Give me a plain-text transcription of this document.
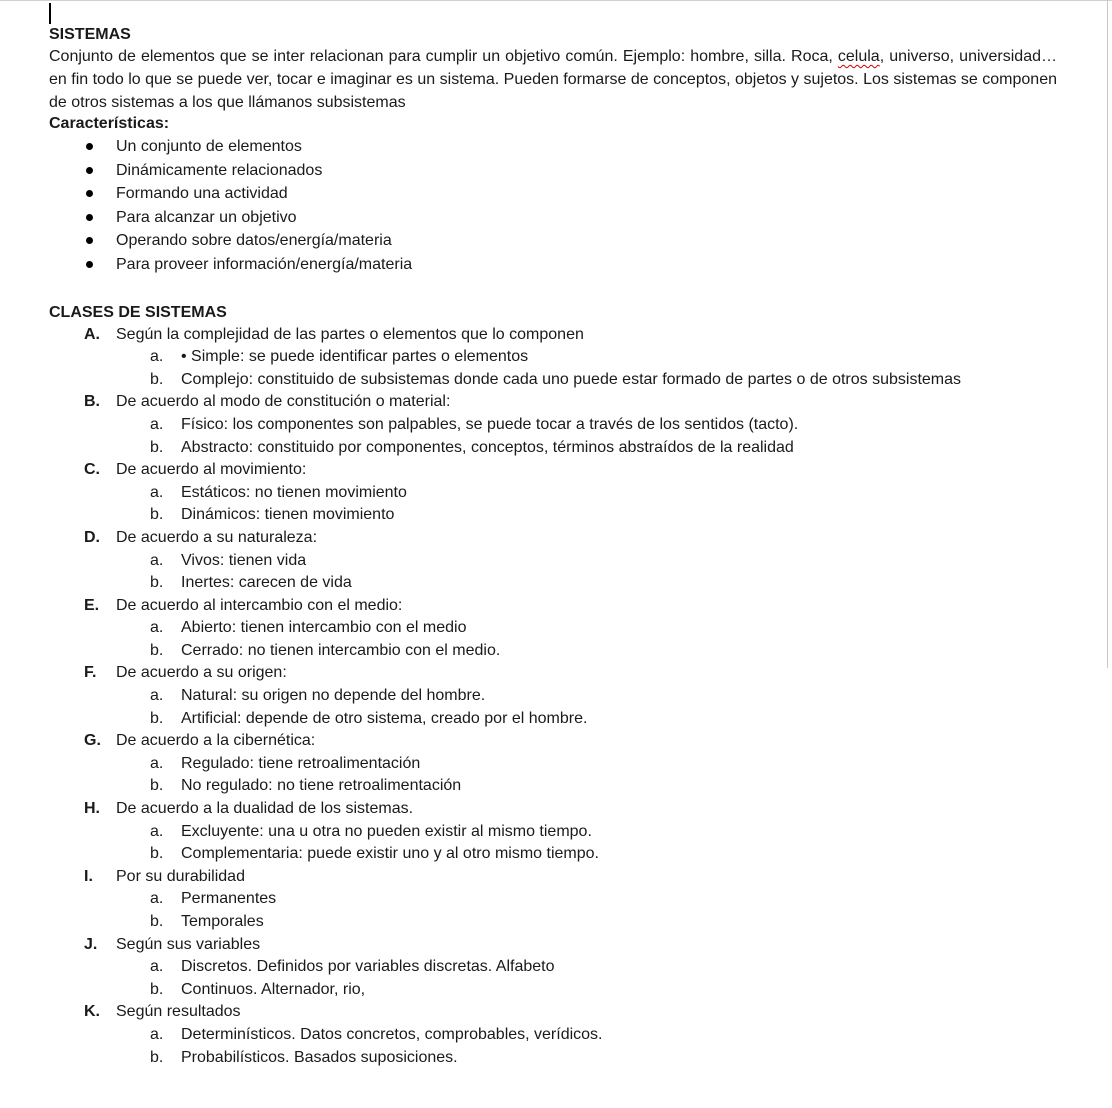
SISTEMAS

Conjunto de elementos que se inter relacionan para cumplir un objetivo común. Ejemplo: hombre, silla. Roca, celula, universo, universidad… en fin todo lo que se puede ver, tocar e imaginar es un sistema. Pueden formarse de conceptos, objetos y sujetos. Los sistemas se componen de otros sistemas a los que llámanos subsistemas

Características:
Un conjunto de elementos
Dinámicamente relacionados
Formando una actividad
Para alcanzar un objetivo
Operando sobre datos/energía/materia
Para proveer información/energía/materia
CLASES DE SISTEMAS
A. Según la complejidad de las partes o elementos que lo componen
a. • Simple: se puede identificar partes o elementos
b. Complejo: constituido de subsistemas donde cada uno puede estar formado de partes o de otros subsistemas
B. De acuerdo al modo de constitución o material:
a. Físico: los componentes son palpables, se puede tocar a través de los sentidos (tacto).
b. Abstracto: constituido por componentes, conceptos, términos abstraídos de la realidad
C. De acuerdo al movimiento:
a. Estáticos: no tienen movimiento
b. Dinámicos: tienen movimiento
D. De acuerdo a su naturaleza:
a. Vivos: tienen vida
b. Inertes: carecen de vida
E. De acuerdo al intercambio con el medio:
a. Abierto: tienen intercambio con el medio
b. Cerrado: no tienen intercambio con el medio.
F. De acuerdo a su origen:
a. Natural: su origen no depende del hombre.
b. Artificial: depende de otro sistema, creado por el hombre.
G. De acuerdo a la cibernética:
a. Regulado: tiene retroalimentación
b. No regulado: no tiene retroalimentación
H. De acuerdo a la dualidad de los sistemas.
a. Excluyente: una u otra no pueden existir al mismo tiempo.
b. Complementaria: puede existir uno y al otro mismo tiempo.
I. Por su durabilidad
a. Permanentes
b. Temporales
J. Según sus variables
a. Discretos. Definidos por variables discretas. Alfabeto
b. Continuos. Alternador, rio,
K. Según resultados
a. Determinísticos. Datos concretos, comprobables, verídicos.
b. Probabilísticos. Basados suposiciones.
